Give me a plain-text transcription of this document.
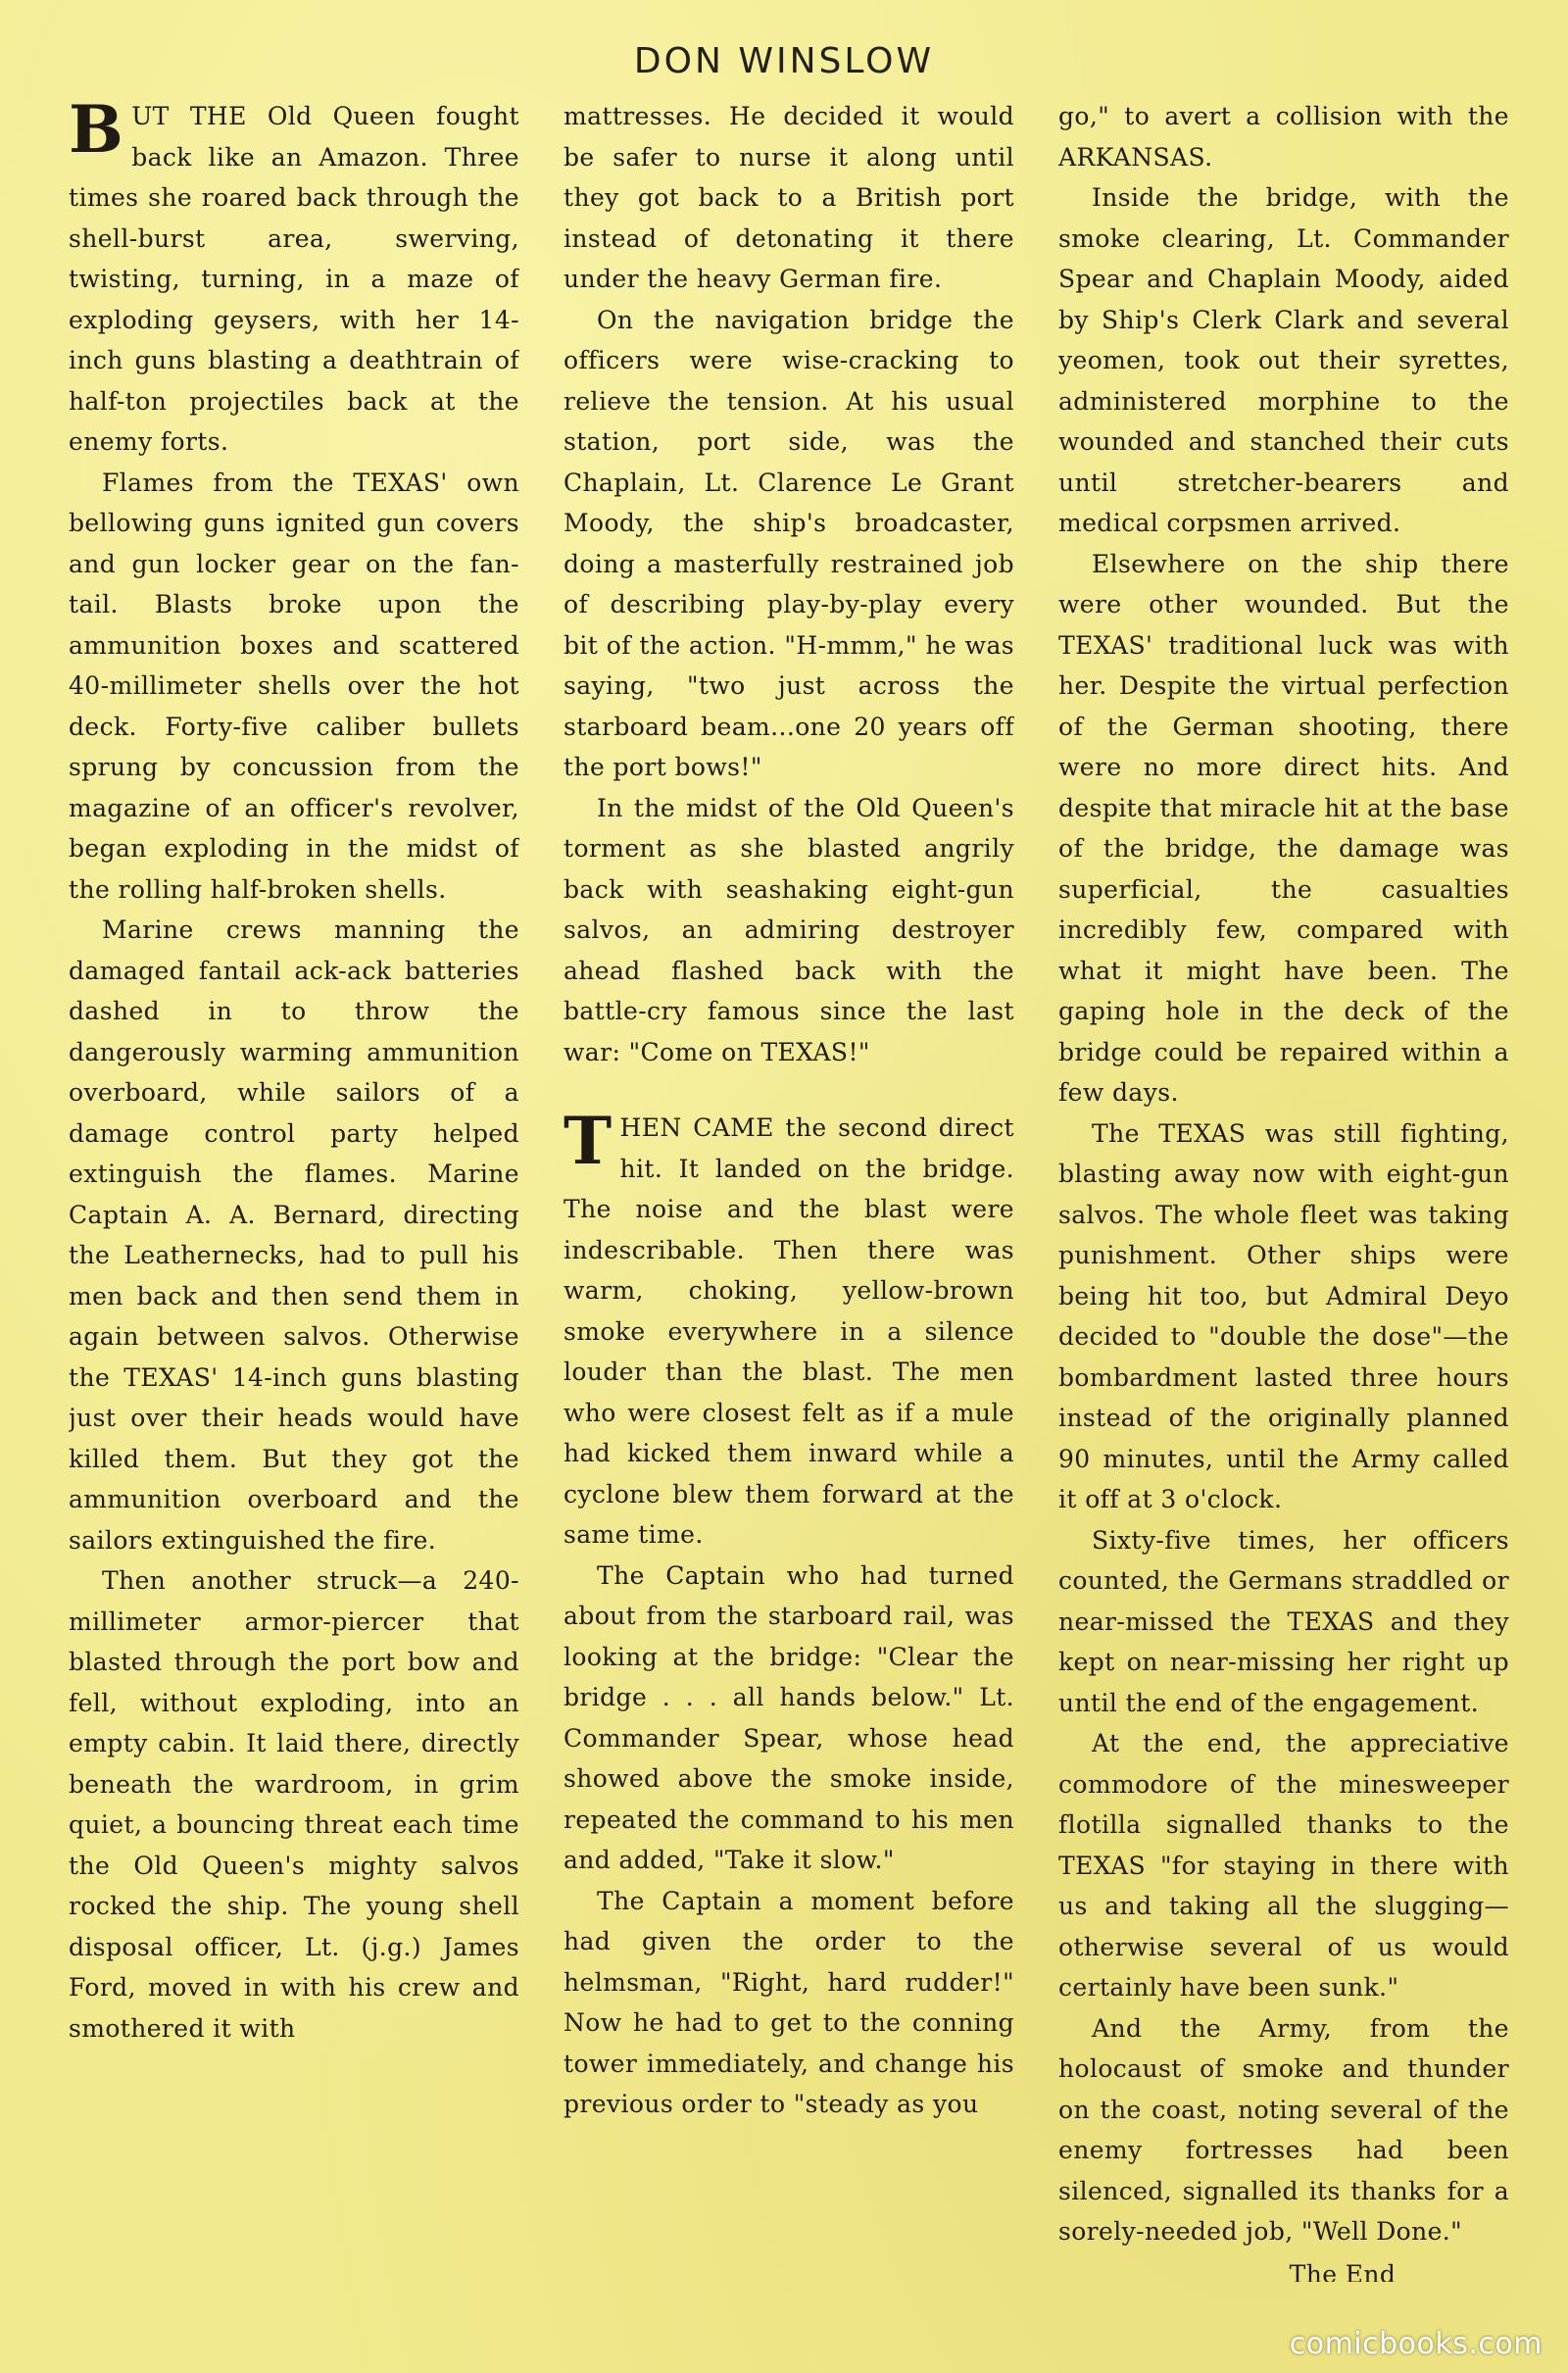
DON WINSLOW

BUT THE Old Queen fought back like an Amazon. Three times she roared back through the shell-burst area, swerving, twisting, turning, in a maze of exploding geysers, with her 14-inch guns blasting a deathtrain of half-ton projectiles back at the enemy forts.

Flames from the TEXAS' own bellowing guns ignited gun covers and gun locker gear on the fan-tail. Blasts broke upon the ammunition boxes and scattered 40-millimeter shells over the hot deck. Forty-five caliber bullets sprung by concussion from the magazine of an officer's revolver, began exploding in the midst of the rolling half-broken shells.

Marine crews manning the damaged fantail ack-ack batteries dashed in to throw the dangerously warming ammunition overboard, while sailors of a damage control party helped extinguish the flames. Marine Captain A. A. Bernard, directing the Leathernecks, had to pull his men back and then send them in again between salvos. Otherwise the TEXAS' 14-inch guns blasting just over their heads would have killed them. But they got the ammunition overboard and the sailors extinguished the fire.

Then another struck—a 240-millimeter armor-piercer that blasted through the port bow and fell, without exploding, into an empty cabin. It laid there, directly beneath the wardroom, in grim quiet, a bouncing threat each time the Old Queen's mighty salvos rocked the ship. The young shell disposal officer, Lt. (j.g.) James Ford, moved in with his crew and smothered it with

mattresses. He decided it would be safer to nurse it along until they got back to a British port instead of detonating it there under the heavy German fire.

On the navigation bridge the officers were wise-cracking to relieve the tension. At his usual station, port side, was the Chaplain, Lt. Clarence Le Grant Moody, the ship's broadcaster, doing a masterfully restrained job of describing play-by-play every bit of the action. "H-mmm," he was saying, "two just across the starboard beam...one 20 years off the port bows!"

In the midst of the Old Queen's torment as she blasted angrily back with seashaking eight-gun salvos, an admiring destroyer ahead flashed back with the battle-cry famous since the last war: "Come on TEXAS!"

THEN CAME the second direct hit. It landed on the bridge. The noise and the blast were indescribable. Then there was warm, choking, yellow-brown smoke everywhere in a silence louder than the blast. The men who were closest felt as if a mule had kicked them inward while a cyclone blew them forward at the same time.

The Captain who had turned about from the starboard rail, was looking at the bridge: "Clear the bridge . . . all hands below." Lt. Commander Spear, whose head showed above the smoke inside, repeated the command to his men and added, "Take it slow."

The Captain a moment before had given the order to the helmsman, "Right, hard rudder!" Now he had to get to the conning tower immediately, and change his previous order to "steady as you

go," to avert a collision with the ARKANSAS.

Inside the bridge, with the smoke clearing, Lt. Commander Spear and Chaplain Moody, aided by Ship's Clerk Clark and several yeomen, took out their syrettes, administered morphine to the wounded and stanched their cuts until stretcher-bearers and medical corpsmen arrived.

Elsewhere on the ship there were other wounded. But the TEXAS' traditional luck was with her. Despite the virtual perfection of the German shooting, there were no more direct hits. And despite that miracle hit at the base of the bridge, the damage was superficial, the casualties incredibly few, compared with what it might have been. The gaping hole in the deck of the bridge could be repaired within a few days.

The TEXAS was still fighting, blasting away now with eight-gun salvos. The whole fleet was taking punishment. Other ships were being hit too, but Admiral Deyo decided to "double the dose"—the bombardment lasted three hours instead of the originally planned 90 minutes, until the Army called it off at 3 o'clock.

Sixty-five times, her officers counted, the Germans straddled or near-missed the TEXAS and they kept on near-missing her right up until the end of the engagement.

At the end, the appreciative commodore of the minesweeper flotilla signalled thanks to the TEXAS "for staying in there with us and taking all the slugging—otherwise several of us would certainly have been sunk."

And the Army, from the holocaust of smoke and thunder on the coast, noting several of the enemy fortresses had been silenced, signalled its thanks for a sorely-needed job, "Well Done."

The End

comicbooks.com
